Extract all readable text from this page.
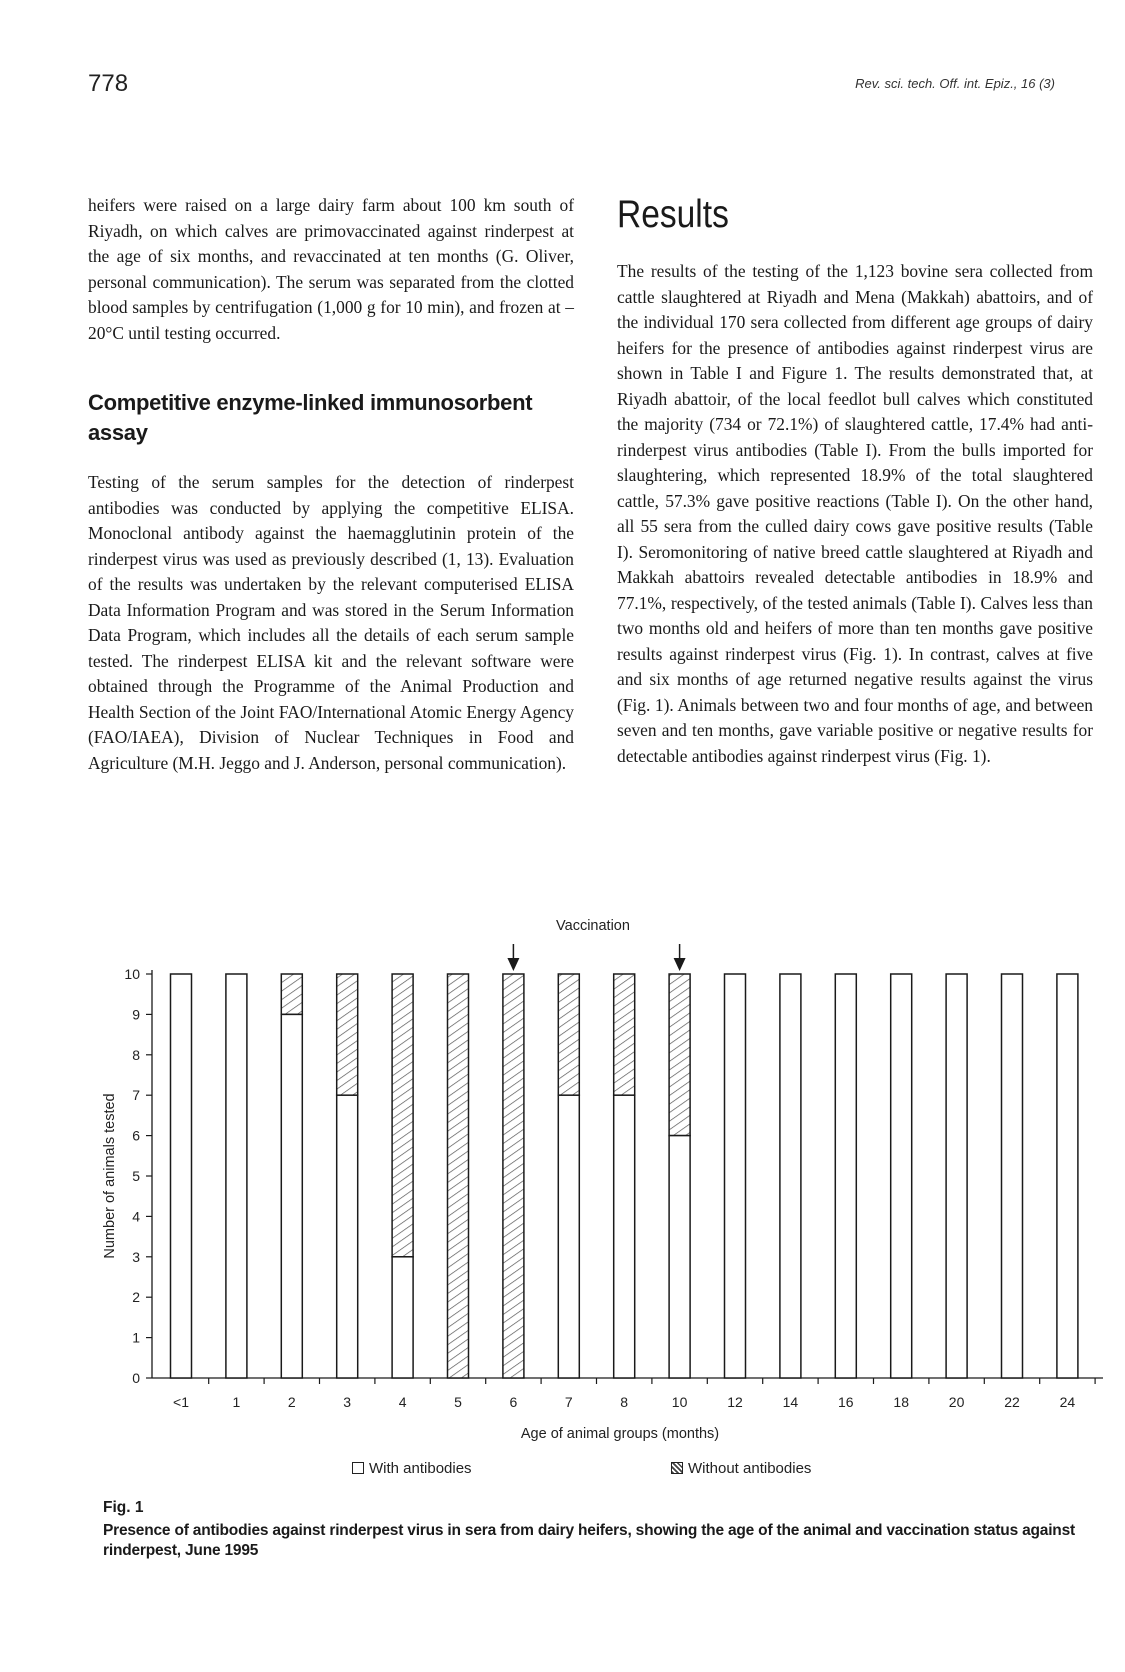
778	Rev. sci. tech. Off. int. Epiz., 16 (3)

heifers were raised on a large dairy farm about 100 km south of Riyadh, on which calves are primovaccinated against rinderpest at the age of six months, and revaccinated at ten months (G. Oliver, personal communication). The serum was separated from the clotted blood samples by centrifugation (1,000 g for 10 min), and frozen at –20°C until testing occurred.

Competitive enzyme-linked immunosorbent assay

Testing of the serum samples for the detection of rinderpest antibodies was conducted by applying the competitive ELISA. Monoclonal antibody against the haemagglutinin protein of the rinderpest virus was used as previously described (1, 13). Evaluation of the results was undertaken by the relevant computerised ELISA Data Information Program and was stored in the Serum Information Data Program, which includes all the details of each serum sample tested. The rinderpest ELISA kit and the relevant software were obtained through the Programme of the Animal Production and Health Section of the Joint FAO/International Atomic Energy Agency (FAO/IAEA), Division of Nuclear Techniques in Food and Agriculture (M.H. Jeggo and J. Anderson, personal communication).

Results

The results of the testing of the 1,123 bovine sera collected from cattle slaughtered at Riyadh and Mena (Makkah) abattoirs, and of the individual 170 sera collected from different age groups of dairy heifers for the presence of antibodies against rinderpest virus are shown in Table I and Figure 1. The results demonstrated that, at Riyadh abattoir, of the local feedlot bull calves which constituted the majority (734 or 72.1%) of slaughtered cattle, 17.4% had anti-rinderpest virus antibodies (Table I). From the bulls imported for slaughtering, which represented 18.9% of the total slaughtered cattle, 57.3% gave positive reactions (Table I). On the other hand, all 55 sera from the culled dairy cows gave positive results (Table I). Seromonitoring of native breed cattle slaughtered at Riyadh and Makkah abattoirs revealed detectable antibodies in 18.9% and 77.1%, respectively, of the tested animals (Table I). Calves less than two months old and heifers of more than ten months gave positive results against rinderpest virus (Fig. 1). In contrast, calves at five and six months of age returned negative results against the virus (Fig. 1). Animals between two and four months of age, and between seven and ten months, gave variable positive or negative results for detectable antibodies against rinderpest virus (Fig. 1).

0
1
2
3
4
5
6
7
8
9
10
Number of animals tested
<1	1	2	3	4	5	6	7	8	10	12	14	16	18	20	22	24
Age of animal groups (months)
Vaccination
With antibodies	Without antibodies
Fig. 1
Presence of antibodies against rinderpest virus in sera from dairy heifers, showing the age of the animal and vaccination status against rinderpest, June 1995
